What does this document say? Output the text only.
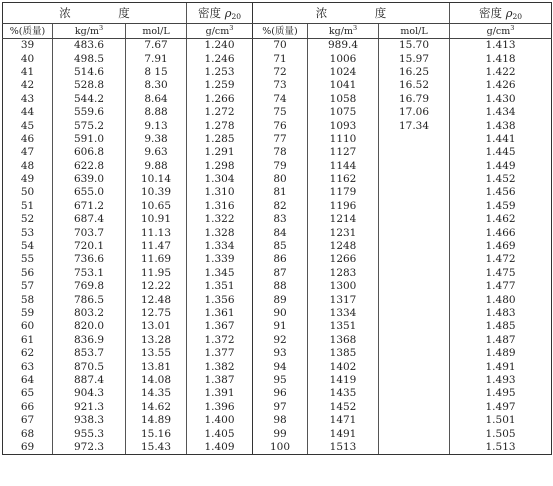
浓　度			密度 $\rho_{20}$	浓　度			密度 $\rho_{20}$
%(质量)	$kg/m^3$	mol/L	$g/cm^3$	%(质量)	$kg/m^3$	mol/L	$g/cm^3$
39	483.6	7.67	1.240	70	989.4	15.70	1.413
40	498.5	7.91	1.246	71	1006	15.97	1.418
41	514.6	8 15	1.253	72	1024	16.25	1.422
42	528.8	8.30	1.259	73	1041	16.52	1.426
43	544.2	8.64	1.266	74	1058	16.79	1.430
44	559.6	8.88	1.272	75	1075	17.06	1.434
45	575.2	9.13	1.278	76	1093	17.34	1.438
46	591.0	9.38	1.285	77	1110		1.441
47	606.8	9.63	1.291	78	1127		1.445
48	622.8	9.88	1.298	79	1144		1.449
49	639.0	10.14	1.304	80	1162		1.452
50	655.0	10.39	1.310	81	1179		1.456
51	671.2	10.65	1.316	82	1196		1.459
52	687.4	10.91	1.322	83	1214		1.462
53	703.7	11.13	1.328	84	1231		1.466
54	720.1	11.47	1.334	85	1248		1.469
55	736.6	11.69	1.339	86	1266		1.472
56	753.1	11.95	1.345	87	1283		1.475
57	769.8	12.22	1.351	88	1300		1.477
58	786.5	12.48	1.356	89	1317		1.480
59	803.2	12.75	1.361	90	1334		1.483
60	820.0	13.01	1.367	91	1351		1.485
61	836.9	13.28	1.372	92	1368		1.487
62	853.7	13.55	1.377	93	1385		1.489
63	870.5	13.81	1.382	94	1402		1.491
64	887.4	14.08	1.387	95	1419		1.493
65	904.3	14.35	1.391	96	1435		1.495
66	921.3	14.62	1.396	97	1452		1.497
67	938.3	14.89	1.400	98	1471		1.501
68	955.3	15.16	1.405	99	1491		1.505
69	972.3	15.43	1.409	100	1513		1.513
